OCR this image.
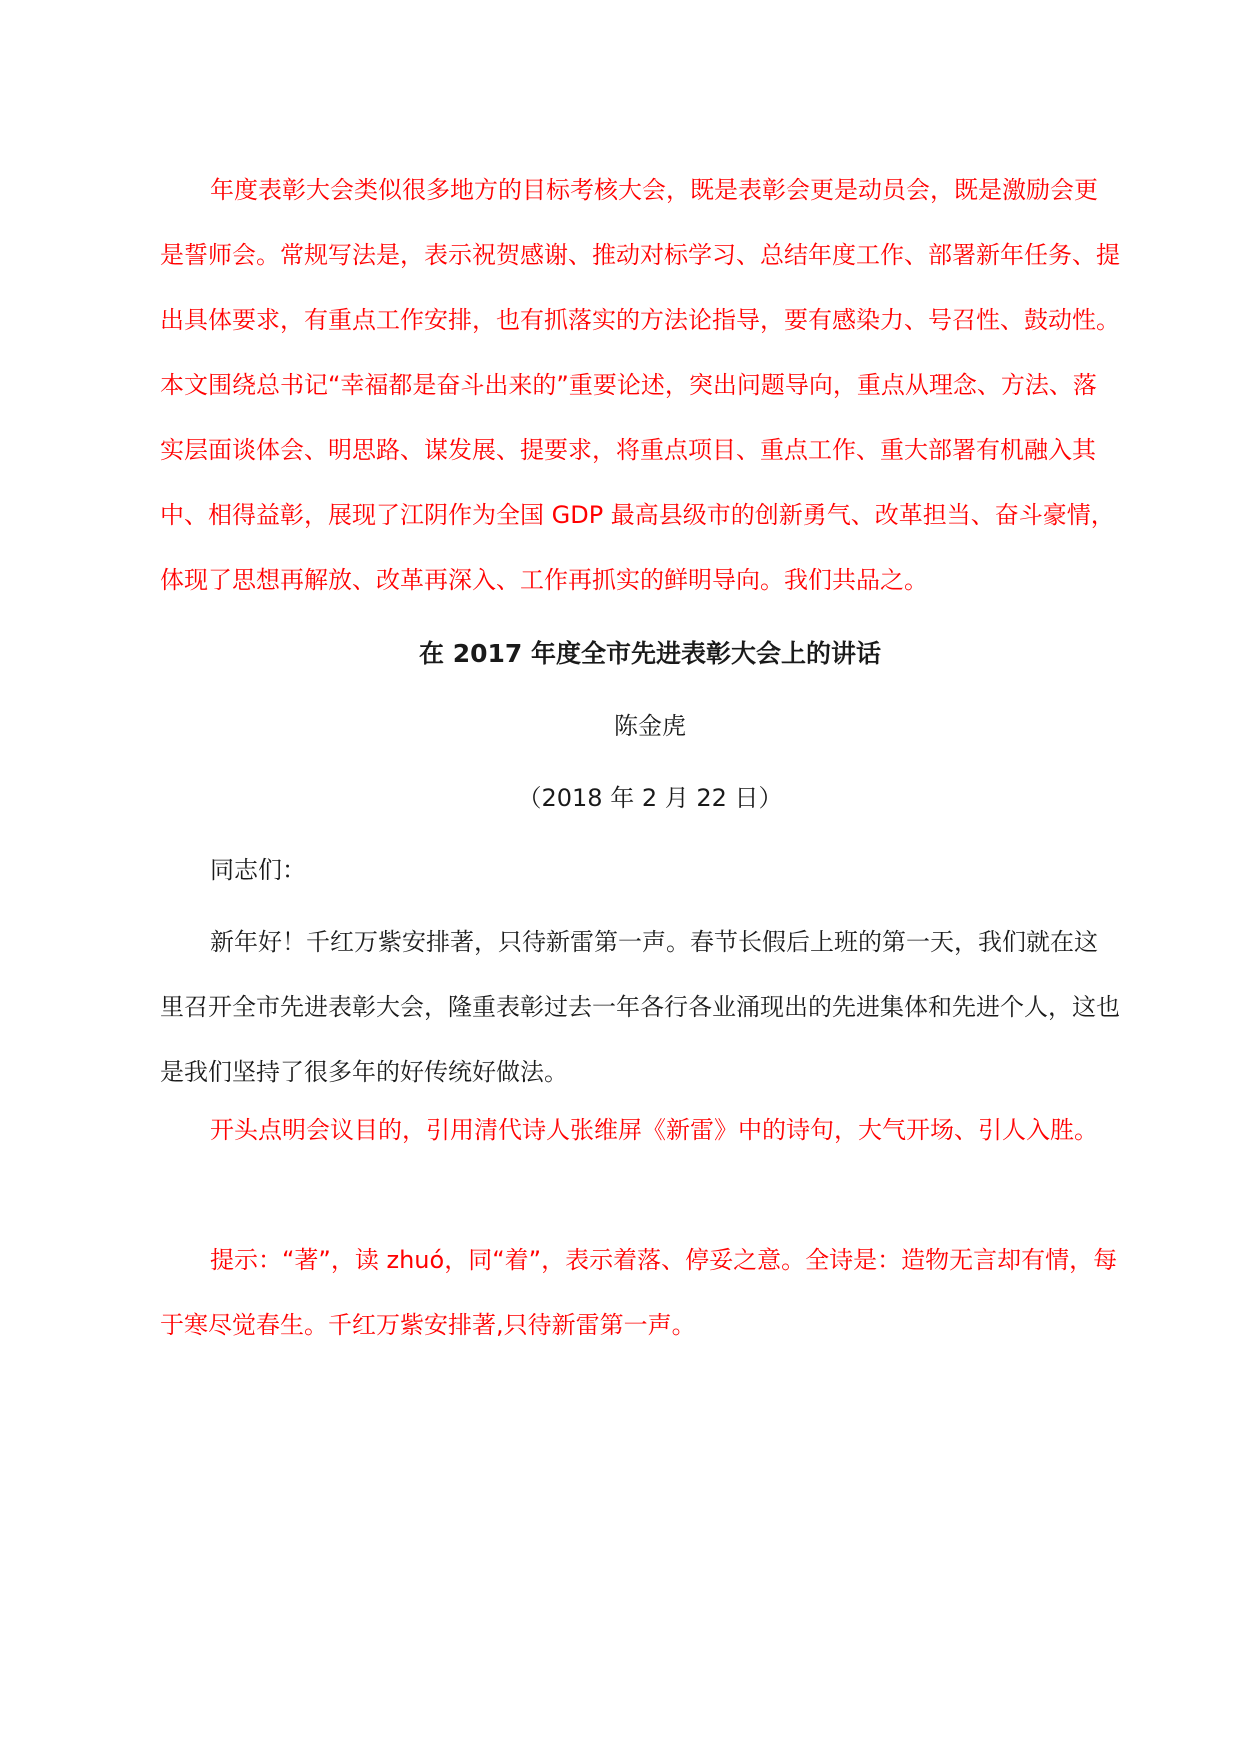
年度表彰大会类似很多地方的目标考核大会，既是表彰会更是动员会，既是激励会更是誓师会。常规写法是，表示祝贺感谢、推动对标学习、总结年度工作、部署新年任务、提出具体要求，有重点工作安排，也有抓落实的方法论指导，要有感染力、号召性、鼓动性。本文围绕总书记“幸福都是奋斗出来的”重要论述，突出问题导向，重点从理念、方法、落实层面谈体会、明思路、谋发展、提要求，将重点项目、重点工作、重大部署有机融入其中、相得益彰，展现了江阴作为全国 GDP 最高县级市的创新勇气、改革担当、奋斗豪情，体现了思想再解放、改革再深入、工作再抓实的鲜明导向。我们共品之。

在 2017 年度全市先进表彰大会上的讲话

陈金虎

（2018 年 2 月 22 日）

同志们：

新年好！千红万紫安排著，只待新雷第一声。春节长假后上班的第一天，我们就在这里召开全市先进表彰大会，隆重表彰过去一年各行各业涌现出的先进集体和先进个人，这也是我们坚持了很多年的好传统好做法。

开头点明会议目的，引用清代诗人张维屏《新雷》中的诗句，大气开场、引人入胜。

提示：“著”，读 zhuó，同“着”，表示着落、停妥之意。全诗是：造物无言却有情，每于寒尽觉春生。千红万紫安排著,只待新雷第一声。
